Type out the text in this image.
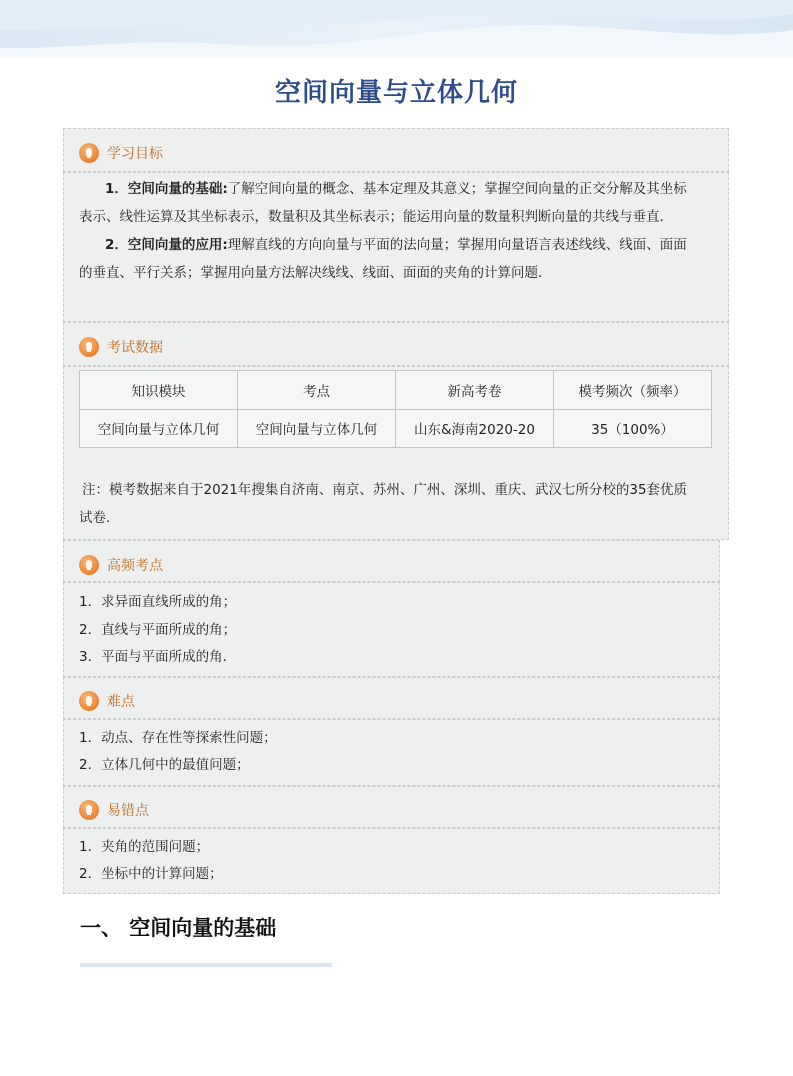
空间向量与立体几何
学习目标
1．空间向量的基础:了解空间向量的概念、基本定理及其意义；掌握空间向量的正交分解及其坐标
表示、线性运算及其坐标表示，数量积及其坐标表示；能运用向量的数量积判断向量的共线与垂直．
2．空间向量的应用:理解直线的方向向量与平面的法向量；掌握用向量语言表述线线、线面、面面
的垂直、平行关系；掌握用向量方法解决线线、线面、面面的夹角的计算问题．
考试数据
知识模块	考点	新高考卷	模考频次（频率）
空间向量与立体几何	空间向量与立体几何	山东&海南2020-20	35（100%）
注：模考数据来自于2021年搜集自济南、南京、苏州、广州、深圳、重庆、武汉七所分校的35套优质
试卷.
高频考点
1．求异面直线所成的角；
2．直线与平面所成的角；
3．平面与平面所成的角．
难点
1．动点、存在性等探索性问题；
2．立体几何中的最值问题；
易错点
1．夹角的范围问题；
2．坐标中的计算问题；
一、 空间向量的基础
